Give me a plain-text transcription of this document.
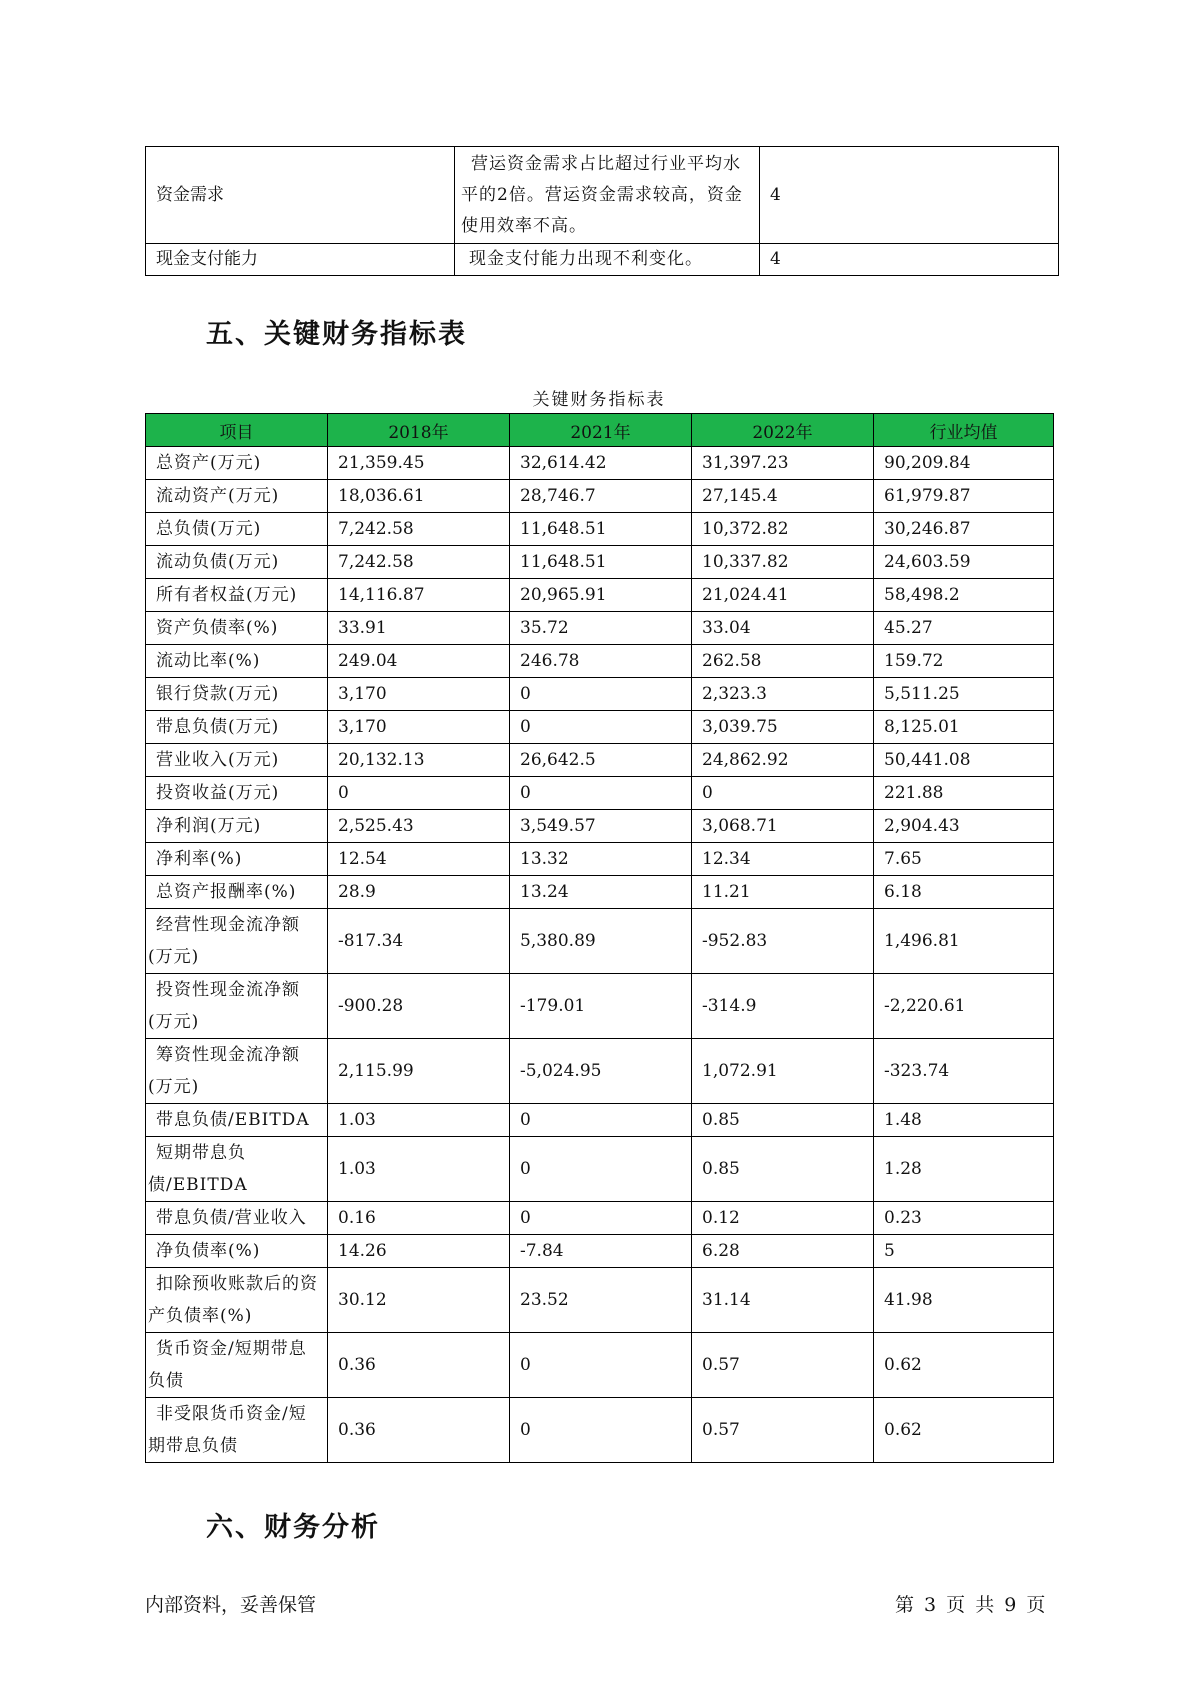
资金需求	营运资金需求占比超过行业平均水平的2倍。营运资金需求较高，资金使用效率不高。	4
现金支付能力	现金支付能力出现不利变化。	4
五、关键财务指标表
关键财务指标表
项目	2018年	2021年	2022年	行业均值
总资产(万元)	21,359.45	32,614.42	31,397.23	90,209.84
流动资产(万元)	18,036.61	28,746.7	27,145.4	61,979.87
总负债(万元)	7,242.58	11,648.51	10,372.82	30,246.87
流动负债(万元)	7,242.58	11,648.51	10,337.82	24,603.59
所有者权益(万元)	14,116.87	20,965.91	21,024.41	58,498.2
资产负债率(%)	33.91	35.72	33.04	45.27
流动比率(%)	249.04	246.78	262.58	159.72
银行贷款(万元)	3,170	0	2,323.3	5,511.25
带息负债(万元)	3,170	0	3,039.75	8,125.01
营业收入(万元)	20,132.13	26,642.5	24,862.92	50,441.08
投资收益(万元)	0	0	0	221.88
净利润(万元)	2,525.43	3,549.57	3,068.71	2,904.43
净利率(%)	12.54	13.32	12.34	7.65
总资产报酬率(%)	28.9	13.24	11.21	6.18
经营性现金流净额(万元)	-817.34	5,380.89	-952.83	1,496.81
投资性现金流净额(万元)	-900.28	-179.01	-314.9	-2,220.61
筹资性现金流净额(万元)	2,115.99	-5,024.95	1,072.91	-323.74
带息负债/EBITDA	1.03	0	0.85	1.48
短期带息负债/EBITDA	1.03	0	0.85	1.28
带息负债/营业收入	0.16	0	0.12	0.23
净负债率(%)	14.26	-7.84	6.28	5
扣除预收账款后的资产负债率(%)	30.12	23.52	31.14	41.98
货币资金/短期带息负债	0.36	0	0.57	0.62
非受限货币资金/短期带息负债	0.36	0	0.57	0.62
六、财务分析
内部资料，妥善保管	第 3 页 共 9 页
